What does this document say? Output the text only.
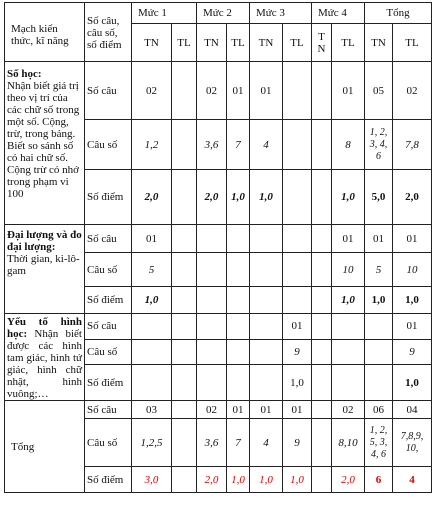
Mạch kiến thức, kĩ năng	Số câu, câu số, số điểm	Mức 1		Mức 2		Mức 3		Mức 4		Tổng	
		TN	TL	TN	TL	TN	TL	T N	TL	TN	TL
Số học:
Nhận biết giá trị theo vị trí của các chữ số trong một số. Cộng, trừ, trong bảng. Biết so sánh số có hai chữ số. Cộng trừ có nhớ trong phạm vi 100	Số câu	02		02	01	01			01	05	02
	Câu số	1,2		3,6	7	4			8	1, 2, 3, 4, 6	7,8
	Số điểm	2,0		2,0	1,0	1,0			1,0	5,0	2,0
Đại lượng và đo đại lượng:
Thời gian, ki-lô-gam	Số câu	01							01	01	01
	Câu số	5							10	5	10
	Số điểm	1,0							1,0	1,0	1,0
Yếu tố hình học: Nhận biết được các hình tam giác, hình tứ giác, hình chữ nhật, hình vuông;…	Số câu						01				01
	Câu số						9				9
	Số điểm						1,0				1,0
Tổng	Số câu	03		02	01	01	01		02	06	04
	Câu số	1,2,5		3,6	7	4	9		8,10	1, 2, 5, 3, 4, 6	7,8,9, 10,
	Số điểm	3,0		2,0	1,0	1,0	1,0		2,0	6	4
